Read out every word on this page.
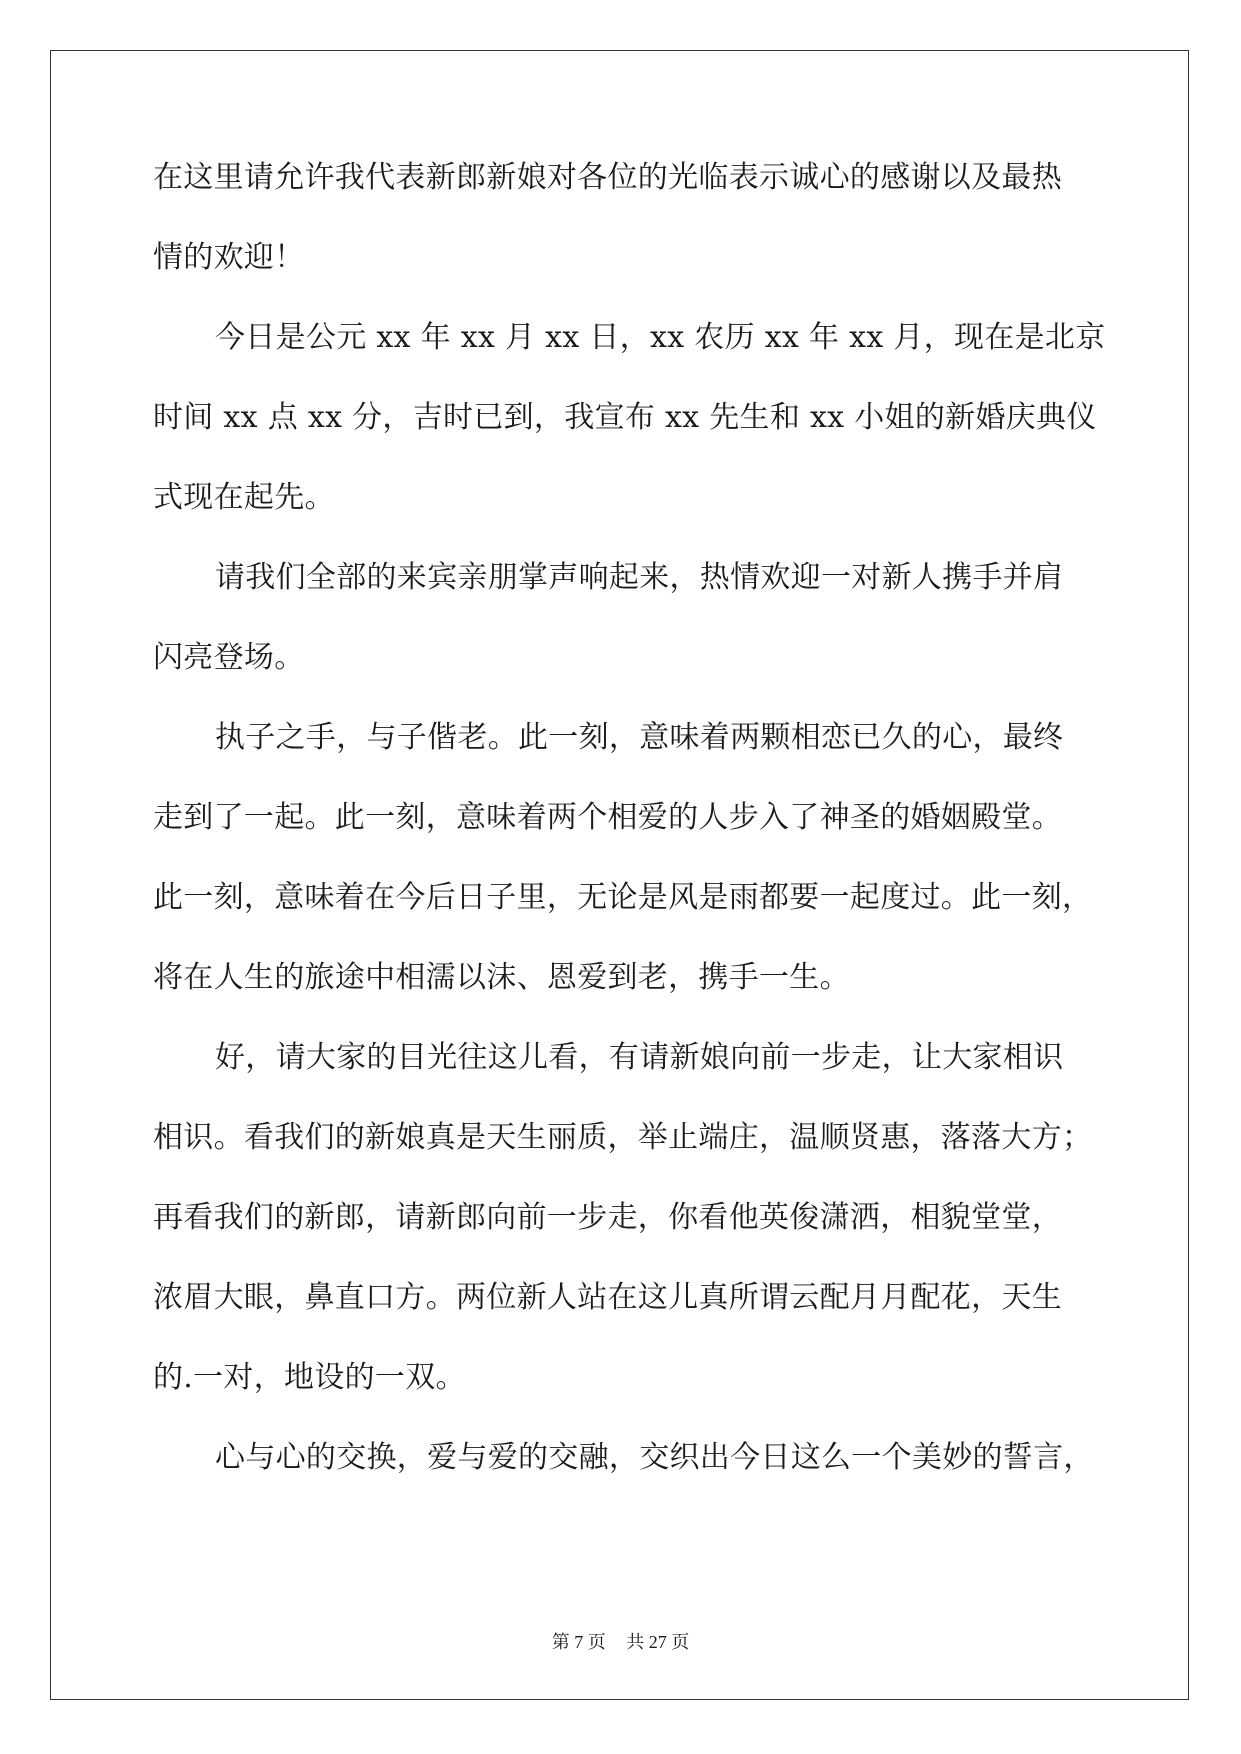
在这里请允许我代表新郎新娘对各位的光临表示诚心的感谢以及最热
情的欢迎！
今日是公元 xx 年 xx 月 xx 日，xx 农历 xx 年 xx 月，现在是北京
时间 xx 点 xx 分，吉时已到，我宣布 xx 先生和 xx 小姐的新婚庆典仪
式现在起先。
请我们全部的来宾亲朋掌声响起来，热情欢迎一对新人携手并肩
闪亮登场。
执子之手，与子偕老。此一刻，意味着两颗相恋已久的心，最终
走到了一起。此一刻，意味着两个相爱的人步入了神圣的婚姻殿堂。
此一刻，意味着在今后日子里，无论是风是雨都要一起度过。此一刻，
将在人生的旅途中相濡以沫、恩爱到老，携手一生。
好，请大家的目光往这儿看，有请新娘向前一步走，让大家相识
相识。看我们的新娘真是天生丽质，举止端庄，温顺贤惠，落落大方；
再看我们的新郎，请新郎向前一步走，你看他英俊潇洒，相貌堂堂，
浓眉大眼，鼻直口方。两位新人站在这儿真所谓云配月月配花，天生
的.一对，地设的一双。
心与心的交换，爱与爱的交融，交织出今日这么一个美妙的誓言，
第 7 页 共 27 页
